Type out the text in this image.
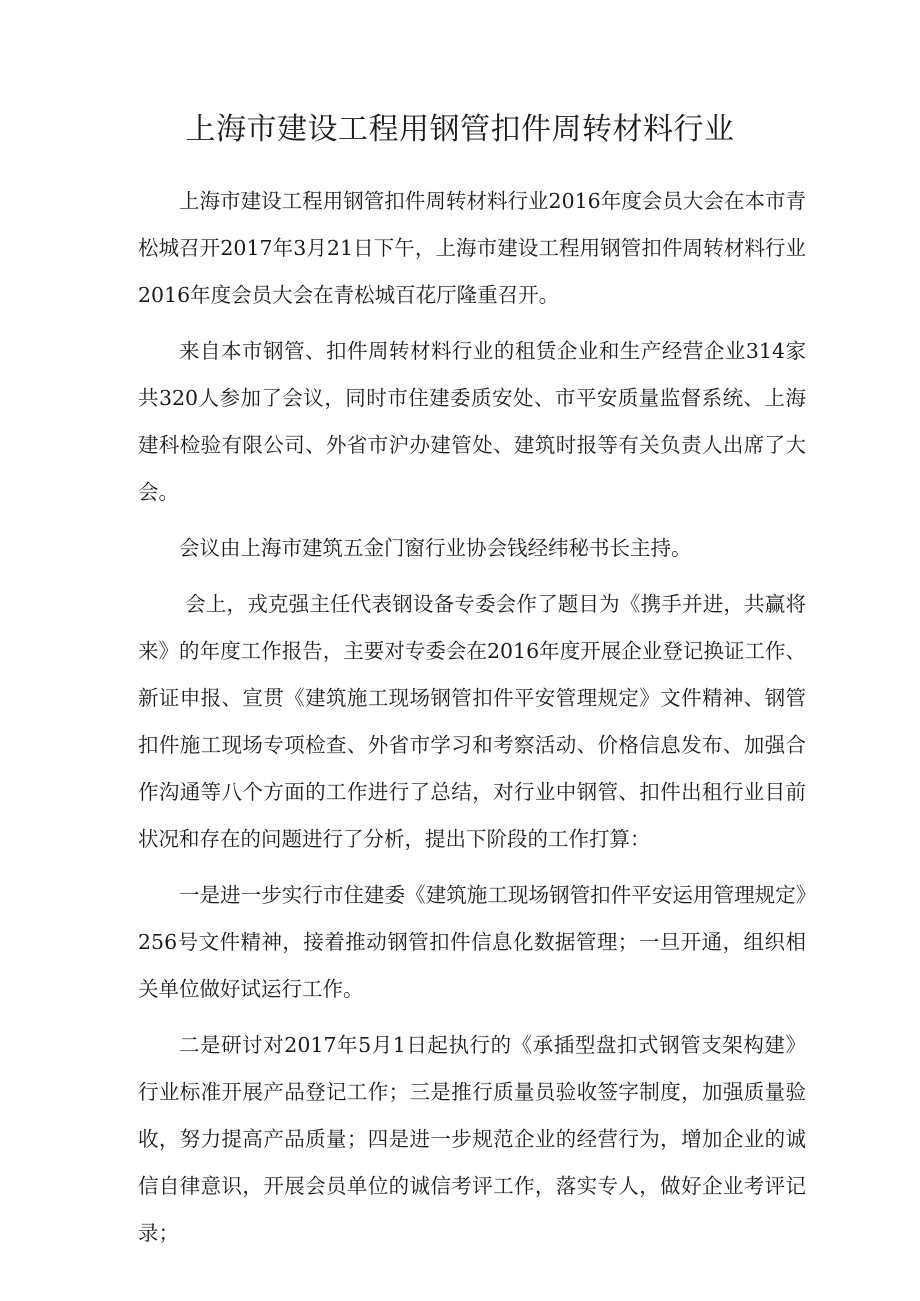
上海市建设工程用钢管扣件周转材料行业

上海市建设工程用钢管扣件周转材料行业2016年度会员大会在本市青松城召开2017年3月21日下午，上海市建设工程用钢管扣件周转材料行业2016年度会员大会在青松城百花厅隆重召开。

来自本市钢管、扣件周转材料行业的租赁企业和生产经营企业314家共320人参加了会议，同时市住建委质安处、市平安质量监督系统、上海建科检验有限公司、外省市沪办建管处、建筑时报等有关负责人出席了大会。

会议由上海市建筑五金门窗行业协会钱经纬秘书长主持。

会上，戎克强主任代表钢设备专委会作了题目为《携手并进，共赢将来》的年度工作报告，主要对专委会在2016年度开展企业登记换证工作、新证申报、宣贯《建筑施工现场钢管扣件平安管理规定》文件精神、钢管扣件施工现场专项检查、外省市学习和考察活动、价格信息发布、加强合作沟通等八个方面的工作进行了总结，对行业中钢管、扣件出租行业目前状况和存在的问题进行了分析，提出下阶段的工作打算：

一是进一步实行市住建委《建筑施工现场钢管扣件平安运用管理规定》256号文件精神，接着推动钢管扣件信息化数据管理；一旦开通，组织相关单位做好试运行工作。

二是研讨对2017年5月1日起执行的《承插型盘扣式钢管支架构建》行业标准开展产品登记工作；三是推行质量员验收签字制度，加强质量验收，努力提高产品质量；四是进一步规范企业的经营行为，增加企业的诚信自律意识，开展会员单位的诚信考评工作，落实专人，做好企业考评记录；
